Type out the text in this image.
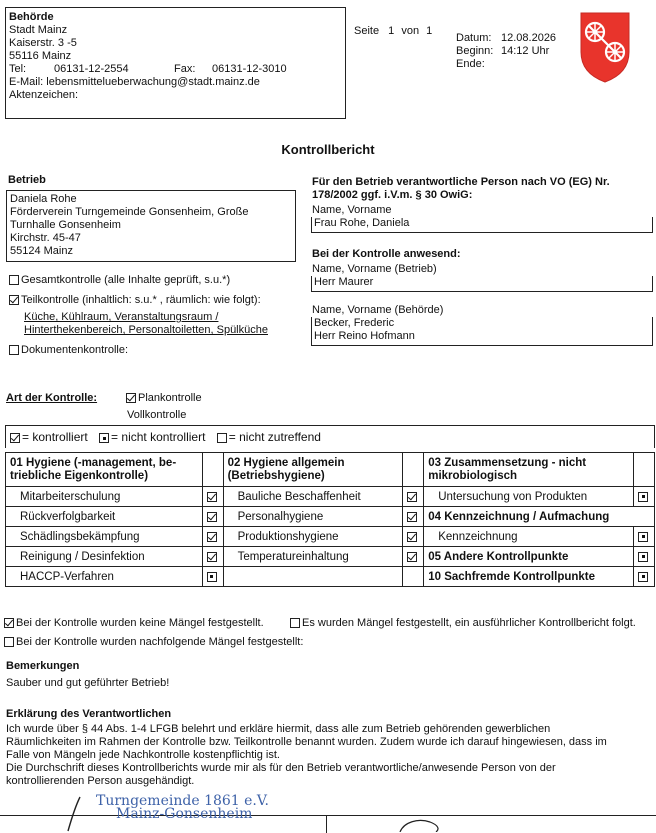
Behörde
Stadt Mainz
Kaiserstr. 3 -5
55116 Mainz
Tel:	06131-12-2554	Fax: 06131-12-3010
E-Mail: lebensmittelueberwachung@stadt.mainz.de
Aktenzeichen:
Seite 1 von 1
Datum: 12.08.2026
Beginn: 14:12 Uhr
Ende:
Kontrollbericht
Betrieb
Daniela Rohe
Förderverein Turngemeinde Gonsenheim, Große
Turnhalle Gonsenheim
Kirchstr. 45-47
55124 Mainz
Gesamtkontrolle (alle Inhalte geprüft, s.u.*)
Teilkontrolle (inhaltlich: s.u.* , räumlich: wie folgt):
Küche, Kühlraum, Veranstaltungsraum /
Hinterthekenbereich, Personaltoiletten, Spülküche
Dokumentenkontrolle:
Für den Betrieb verantwortliche Person nach VO (EG) Nr.
178/2002 ggf. i.V.m. § 30 OwiG:
Name, Vorname
Frau Rohe, Daniela
Bei der Kontrolle anwesend:
Name, Vorname (Betrieb)
Herr Maurer
Name, Vorname (Behörde)
Becker, Frederic
Herr Reino Hofmann
Art der Kontrolle:	Plankontrolle
Vollkontrolle
= kontrolliert = nicht kontrolliert = nicht zutreffend
01 Hygiene (-management, be-triebliche Eigenkontrolle)		02 Hygiene allgemein (Betriebshygiene)		03 Zusammensetzung - nicht mikrobiologisch	
Mitarbeiterschulung		Bauliche Beschaffenheit		Untersuchung von Produkten	
Rückverfolgbarkeit		Personalhygiene		04 Kennzeichnung / Aufmachung	
Schädlingsbekämpfung		Produktionshygiene		Kennzeichnung	
Reinigung / Desinfektion		Temperatureinhaltung		05 Andere Kontrollpunkte	
HACCP-Verfahren				10 Sachfremde Kontrollpunkte	
Bei der Kontrolle wurden keine Mängel festgestellt.	Es wurden Mängel festgestellt, ein ausführlicher Kontrollbericht folgt.
Bei der Kontrolle wurden nachfolgende Mängel festgestellt:
Bemerkungen
Sauber und gut geführter Betrieb!
Erklärung des Verantwortlichen
Ich wurde über § 44 Abs. 1-4 LFGB belehrt und erkläre hiermit, dass alle zum Betrieb gehörenden gewerblichen
Räumlichkeiten im Rahmen der Kontrolle bzw. Teilkontrolle benannt wurden. Zudem wurde ich darauf hingewiesen, dass im
Falle von Mängeln jede Nachkontrolle kostenpflichtig ist.
Die Durchschrift dieses Kontrollberichts wurde mir als für den Betrieb verantwortliche/anwesende Person von der
kontrollierenden Person ausgehändigt.
Turngemeinde 1861 e.V.
Mainz-Gonsenheim
